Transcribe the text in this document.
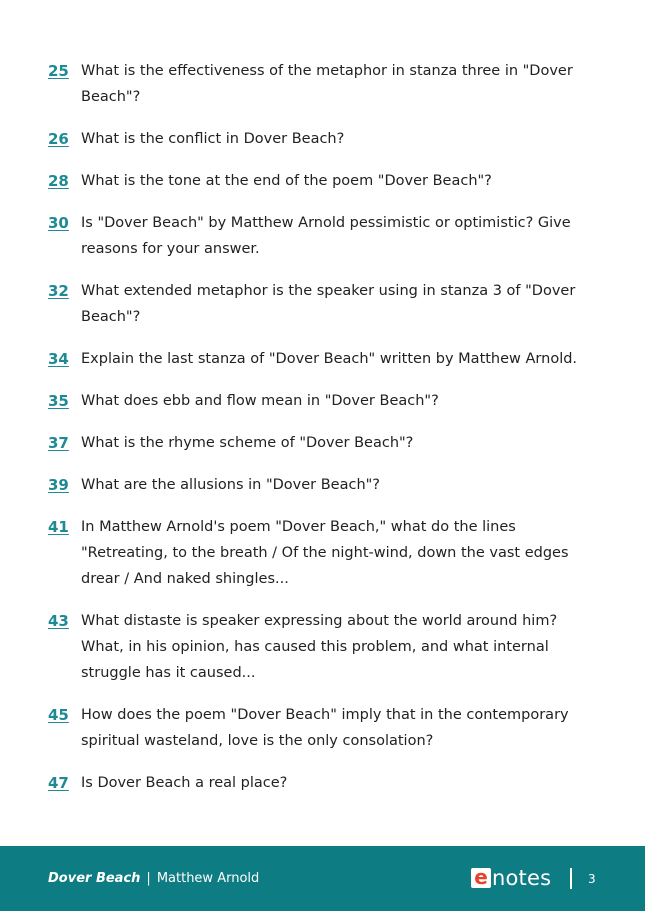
25 What is the effectiveness of the metaphor in stanza three in "Dover Beach"?
26 What is the conflict in Dover Beach?
28 What is the tone at the end of the poem "Dover Beach"?
30 Is "Dover Beach" by Matthew Arnold pessimistic or optimistic? Give reasons for your answer.
32 What extended metaphor is the speaker using in stanza 3 of "Dover Beach"?
34 Explain the last stanza of "Dover Beach" written by Matthew Arnold.
35 What does ebb and flow mean in "Dover Beach"?
37 What is the rhyme scheme of "Dover Beach"?
39 What are the allusions in "Dover Beach"?
41 In Matthew Arnold's poem "Dover Beach," what do the lines "Retreating, to the breath / Of the night-wind, down the vast edges drear / And naked shingles...
43 What distaste is speaker expressing about the world around him? What, in his opinion, has caused this problem, and what internal struggle has it caused...
45 How does the poem "Dover Beach" imply that in the contemporary spiritual wasteland, love is the only consolation?
47 Is Dover Beach a real place?
Dover Beach | Matthew Arnold	e notes	3
